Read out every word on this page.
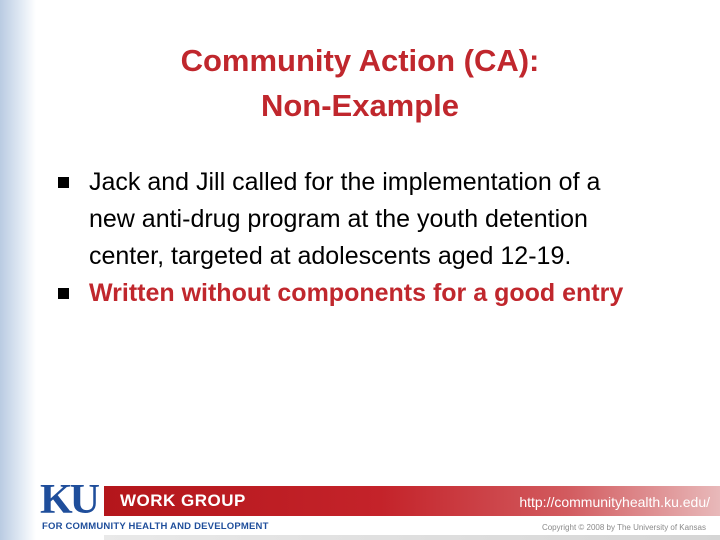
Community Action (CA):
Non-Example
Jack and Jill called for the implementation of a new anti-drug program at the youth detention center, targeted at adolescents aged 12-19.
Written without components for a good entry
WORK GROUP	http://communityhealth.ku.edu/
KU
FOR COMMUNITY HEALTH AND DEVELOPMENT	Copyright © 2008 by The University of Kansas
